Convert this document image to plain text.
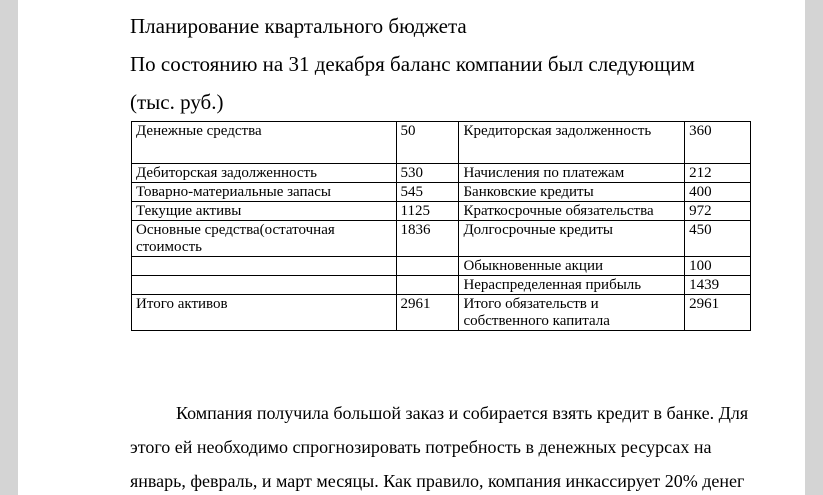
Планирование квартального бюджета
По состоянию на 31 декабря баланс компании был следующим
(тыс. руб.)
Денежные средства	50	Кредиторская задолженность	360
Дебиторская задолженность	530	Начисления по платежам	212
Товарно-материальные запасы	545	Банковские кредиты	400
Текущие активы	1125	Краткосрочные обязательства	972
Основные средства(остаточная стоимость	1836	Долгосрочные кредиты	450
		Обыкновенные акции	100
		Нераспределенная прибыль	1439
Итого активов	2961	Итого обязательств и собственного капитала	2961
Компания получила большой заказ и собирается взять кредит в банке. Для
этого ей необходимо спрогнозировать потребность в денежных ресурсах на
январь, февраль, и март месяцы. Как правило, компания инкассирует 20% денег
